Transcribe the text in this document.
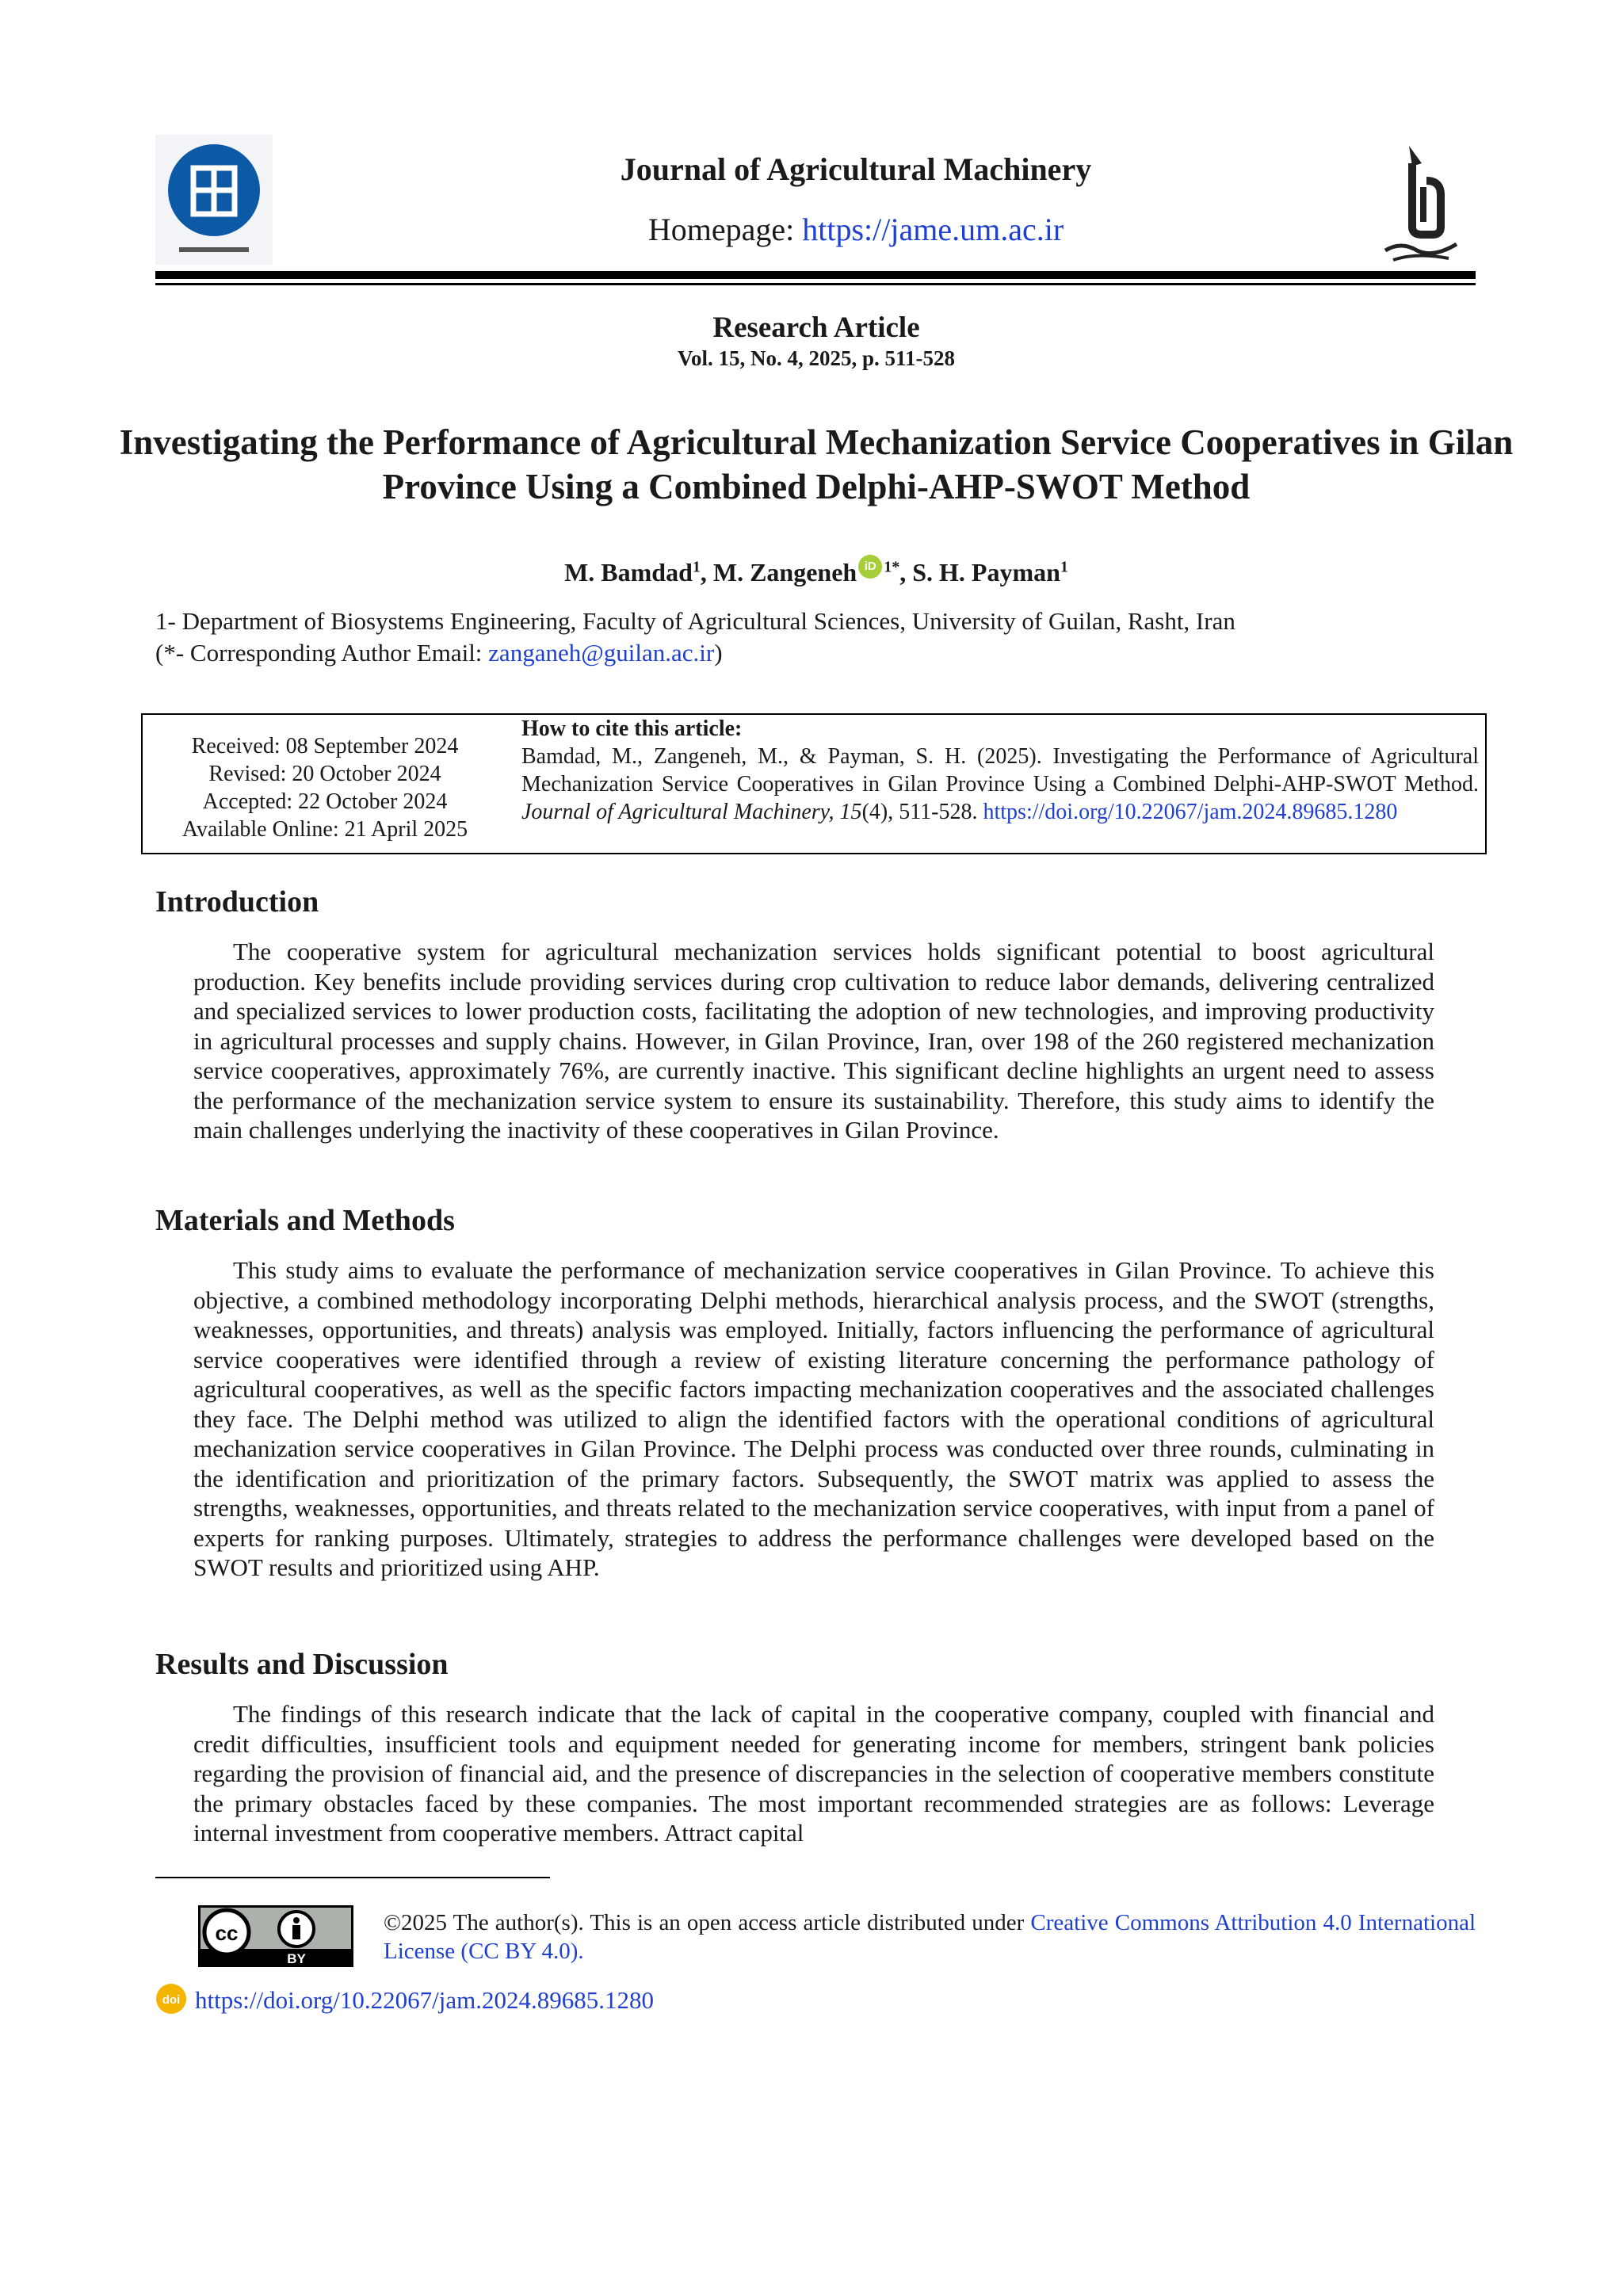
Journal of Agricultural Machinery
Homepage: https://jame.um.ac.ir
Research Article
Vol. 15, No. 4, 2025, p. 511-528
Investigating the Performance of Agricultural Mechanization Service Cooperatives in Gilan Province Using a Combined Delphi-AHP-SWOT Method
M. Bamdad$^1$, M. Zangeneh iD $^{1*}$, S. H. Payman$^1$
1- Department of Biosystems Engineering, Faculty of Agricultural Sciences, University of Guilan, Rasht, Iran
(*- Corresponding Author Email: zanganeh@guilan.ac.ir)
Received: 08 September 2024
Revised: 20 October 2024
Accepted: 22 October 2024
Available Online: 21 April 2025
How to cite this article:
Bamdad, M., Zangeneh, M., & Payman, S. H. (2025). Investigating the Performance of Agricultural Mechanization Service Cooperatives in Gilan Province Using a Combined Delphi-AHP-SWOT Method. Journal of Agricultural Machinery, 15(4), 511-528. https://doi.org/10.22067/jam.2024.89685.1280
Introduction
The cooperative system for agricultural mechanization services holds significant potential to boost agricultural production. Key benefits include providing services during crop cultivation to reduce labor demands, delivering centralized and specialized services to lower production costs, facilitating the adoption of new technologies, and improving productivity in agricultural processes and supply chains. However, in Gilan Province, Iran, over 198 of the 260 registered mechanization service cooperatives, approximately 76%, are currently inactive. This significant decline highlights an urgent need to assess the performance of the mechanization service system to ensure its sustainability. Therefore, this study aims to identify the main challenges underlying the inactivity of these cooperatives in Gilan Province.
Materials and Methods
This study aims to evaluate the performance of mechanization service cooperatives in Gilan Province. To achieve this objective, a combined methodology incorporating Delphi methods, hierarchical analysis process, and the SWOT (strengths, weaknesses, opportunities, and threats) analysis was employed. Initially, factors influencing the performance of agricultural service cooperatives were identified through a review of existing literature concerning the performance pathology of agricultural cooperatives, as well as the specific factors impacting mechanization cooperatives and the associated challenges they face. The Delphi method was utilized to align the identified factors with the operational conditions of agricultural mechanization service cooperatives in Gilan Province. The Delphi process was conducted over three rounds, culminating in the identification and prioritization of the primary factors. Subsequently, the SWOT matrix was applied to assess the strengths, weaknesses, opportunities, and threats related to the mechanization service cooperatives, with input from a panel of experts for ranking purposes. Ultimately, strategies to address the performance challenges were developed based on the SWOT results and prioritized using AHP.
Results and Discussion
The findings of this research indicate that the lack of capital in the cooperative company, coupled with financial and credit difficulties, insufficient tools and equipment needed for generating income for members, stringent bank policies regarding the provision of financial aid, and the presence of discrepancies in the selection of cooperative members constitute the primary obstacles faced by these companies. The most important recommended strategies are as follows: Leverage internal investment from cooperative members. Attract capital
cc
BY
©2025 The author(s). This is an open access article distributed under Creative Commons Attribution 4.0 International License (CC BY 4.0).
doi https://doi.org/10.22067/jam.2024.89685.1280
